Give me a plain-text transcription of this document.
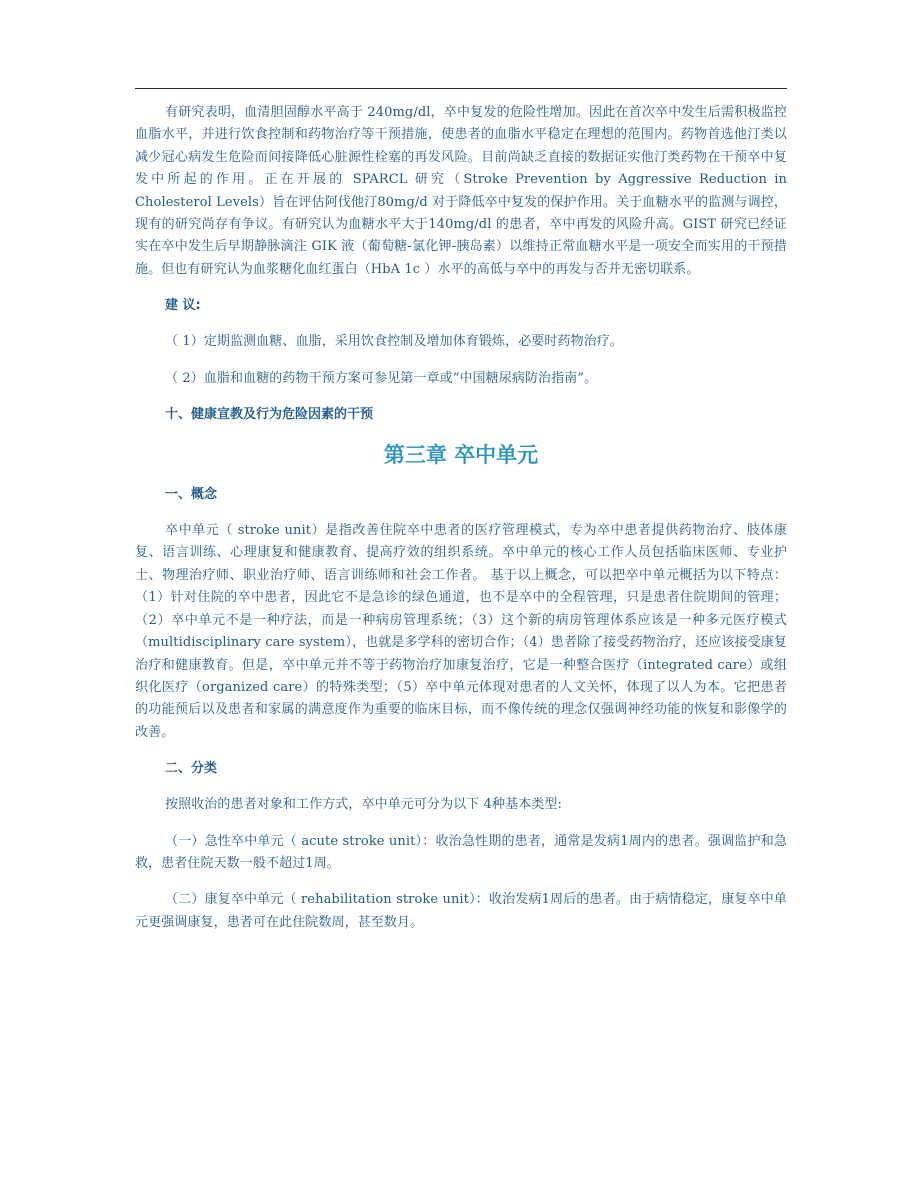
有研究表明，血清胆固醇水平高于 240mg/dl，卒中复发的危险性增加。因此在首次卒中发生后需积极监控血脂水平，并进行饮食控制和药物治疗等干预措施，使患者的血脂水平稳定在理想的范围内。药物首选他汀类以减少冠心病发生危险而间接降低心脏源性栓塞的再发风险。目前尚缺乏直接的数据证实他汀类药物在干预卒中复发中所起的作用。正在开展的 SPARCL 研究（Stroke Prevention by Aggressive Reduction in Cholesterol Levels）旨在评估阿伐他汀80mg/d 对于降低卒中复发的保护作用。关于血糖水平的监测与调控，现有的研究尚存有争议。有研究认为血糖水平大于140mg/dl 的患者，卒中再发的风险升高。GIST 研究已经证实在卒中发生后早期静脉滴注 GIK 液（葡萄糖-氯化钾-胰岛素）以维持正常血糖水平是一项安全而实用的干预措施。但也有研究认为血浆糖化血红蛋白（HbA 1c ）水平的高低与卒中的再发与否并无密切联系。

建 议:

（ 1）定期监测血糖、血脂，采用饮食控制及增加体育锻炼，必要时药物治疗。

（ 2）血脂和血糖的药物干预方案可参见第一章或“中国糖尿病防治指南”。

十、健康宣教及行为危险因素的干预
第三章 卒中单元
一、概念

卒中单元（ stroke unit）是指改善住院卒中患者的医疗管理模式，专为卒中患者提供药物治疗、肢体康复、语言训练、心理康复和健康教育、提高疗效的组织系统。卒中单元的核心工作人员包括临床医师、专业护士、物理治疗师、职业治疗师、语言训练师和社会工作者。 基于以上概念，可以把卒中单元概括为以下特点：（1）针对住院的卒中患者，因此它不是急诊的绿色通道，也不是卒中的全程管理，只是患者住院期间的管理；（2）卒中单元不是一种疗法，而是一种病房管理系统；（3）这个新的病房管理体系应该是一种多元医疗模式（multidisciplinary care system），也就是多学科的密切合作；（4）患者除了接受药物治疗，还应该接受康复治疗和健康教育。但是，卒中单元并不等于药物治疗加康复治疗，它是一种整合医疗（integrated care）或组织化医疗（organized care）的特殊类型；（5）卒中单元体现对患者的人文关怀，体现了以人为本。它把患者的功能预后以及患者和家属的满意度作为重要的临床目标，而不像传统的理念仅强调神经功能的恢复和影像学的改善。

二、分类

按照收治的患者对象和工作方式，卒中单元可分为以下 4种基本类型:

（一）急性卒中单元（ acute stroke unit）：收治急性期的患者，通常是发病1周内的患者。强调监护和急救，患者住院天数一般不超过1周。

（二）康复卒中单元（ rehabilitation stroke unit）：收治发病1周后的患者。由于病情稳定，康复卒中单元更强调康复，患者可在此住院数周，甚至数月。
